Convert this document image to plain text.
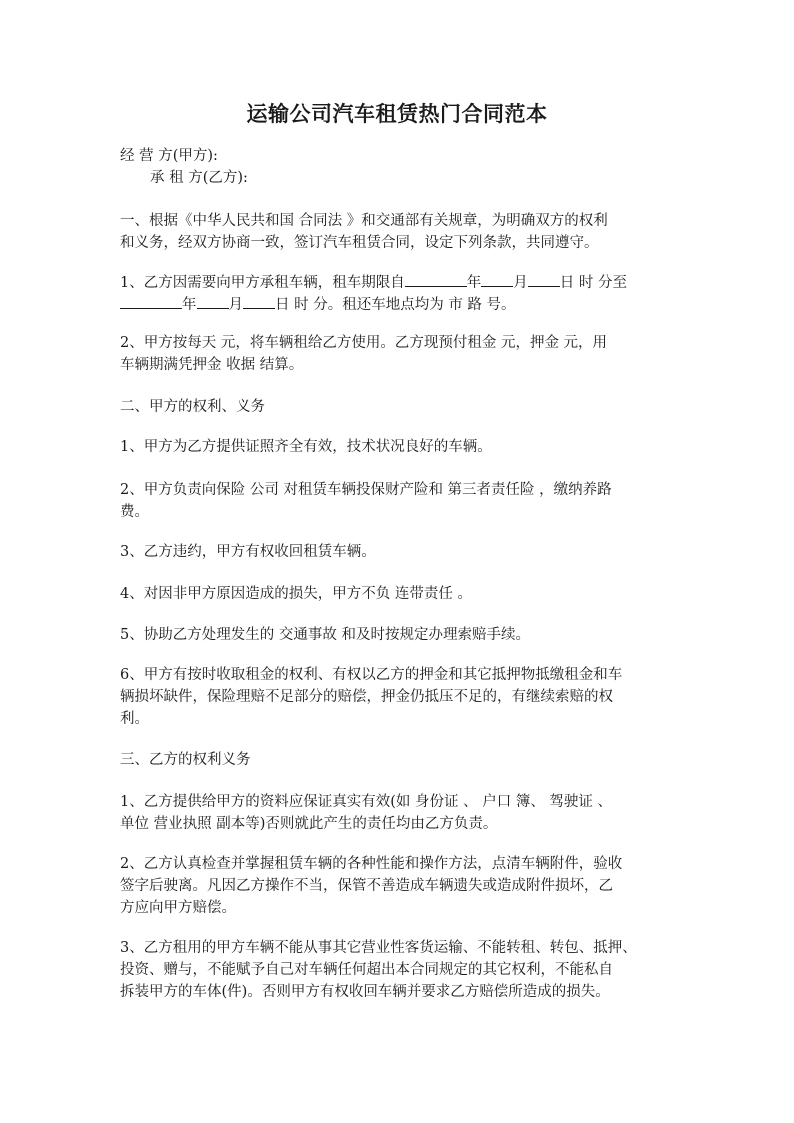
运输公司汽车租赁热门合同范本
经 营 方(甲方):
承 租 方(乙方):
一、根据《中华人民共和国 合同法 》和交通部有关规章，为明确双方的权利
和义务，经双方协商一致，签订汽车租赁合同，设定下列条款，共同遵守。
1、乙方因需要向甲方承租车辆，租车期限自	年 月 日 时 分至
年 月 日 时 分。租还车地点均为 市 路 号。
2、甲方按每天 元，将车辆租给乙方使用。乙方现预付租金 元，押金 元，用
车辆期满凭押金 收据 结算。
二、甲方的权利、义务
1、甲方为乙方提供证照齐全有效，技术状况良好的车辆。
2、甲方负责向保险 公司 对租赁车辆投保财产险和 第三者责任险 ，缴纳养路
费。
3、乙方违约，甲方有权收回租赁车辆。
4、对因非甲方原因造成的损失，甲方不负 连带责任 。
5、协助乙方处理发生的 交通事故 和及时按规定办理索赔手续。
6、甲方有按时收取租金的权利、有权以乙方的押金和其它抵押物抵缴租金和车
辆损坏缺件，保险理赔不足部分的赔偿，押金仍抵压不足的，有继续索赔的权
利。
三、乙方的权利义务
1、乙方提供给甲方的资料应保证真实有效(如 身份证 、 户口 簿、 驾驶证 、
单位 营业执照 副本等)否则就此产生的责任均由乙方负责。
2、乙方认真检查并掌握租赁车辆的各种性能和操作方法，点清车辆附件，验收
签字后驶离。凡因乙方操作不当，保管不善造成车辆遗失或造成附件损坏，乙
方应向甲方赔偿。
3、乙方租用的甲方车辆不能从事其它营业性客货运输、不能转租、转包、抵押、
投资、赠与，不能赋予自己对车辆任何超出本合同规定的其它权利，不能私自
拆装甲方的车体(件)。否则甲方有权收回车辆并要求乙方赔偿所造成的损失。
